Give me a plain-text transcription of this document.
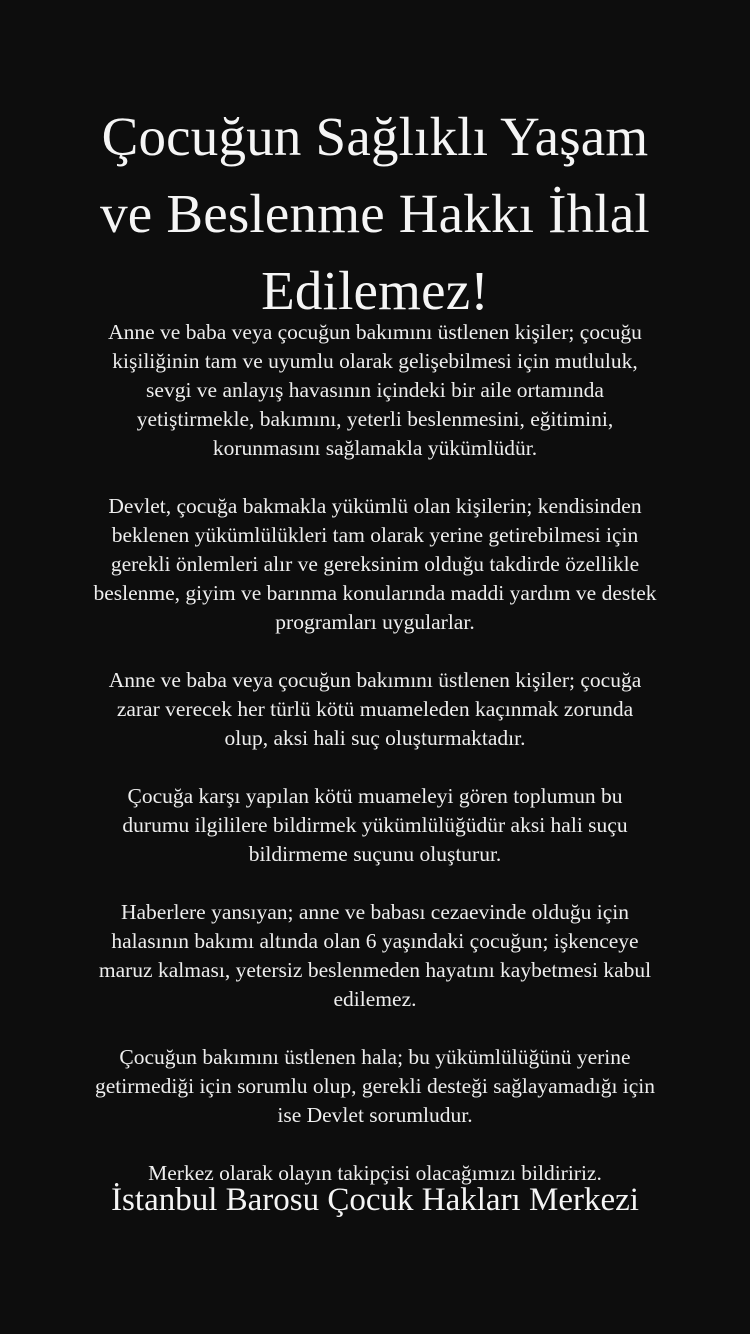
Çocuğun Sağlıklı Yaşam
ve Beslenme Hakkı İhlal
Edilemez!

Anne ve baba veya çocuğun bakımını üstlenen kişiler; çocuğu
kişiliğinin tam ve uyumlu olarak gelişebilmesi için mutluluk,
sevgi ve anlayış havasının içindeki bir aile ortamında
yetiştirmekle, bakımını, yeterli beslenmesini, eğitimini,
korunmasını sağlamakla yükümlüdür.

Devlet, çocuğa bakmakla yükümlü olan kişilerin; kendisinden
beklenen yükümlülükleri tam olarak yerine getirebilmesi için
gerekli önlemleri alır ve gereksinim olduğu takdirde özellikle
beslenme, giyim ve barınma konularında maddi yardım ve destek
programları uygularlar.

Anne ve baba veya çocuğun bakımını üstlenen kişiler; çocuğa
zarar verecek her türlü kötü muameleden kaçınmak zorunda
olup, aksi hali suç oluşturmaktadır.

Çocuğa karşı yapılan kötü muameleyi gören toplumun bu
durumu ilgililere bildirmek yükümlülüğüdür aksi hali suçu
bildirmeme suçunu oluşturur.

Haberlere yansıyan; anne ve babası cezaevinde olduğu için
halasının bakımı altında olan 6 yaşındaki çocuğun; işkenceye
maruz kalması, yetersiz beslenmeden hayatını kaybetmesi kabul
edilemez.

Çocuğun bakımını üstlenen hala; bu yükümlülüğünü yerine
getirmediği için sorumlu olup, gerekli desteği sağlayamadığı için
ise Devlet sorumludur.

Merkez olarak olayın takipçisi olacağımızı bildiririz.

İstanbul Barosu Çocuk Hakları Merkezi
